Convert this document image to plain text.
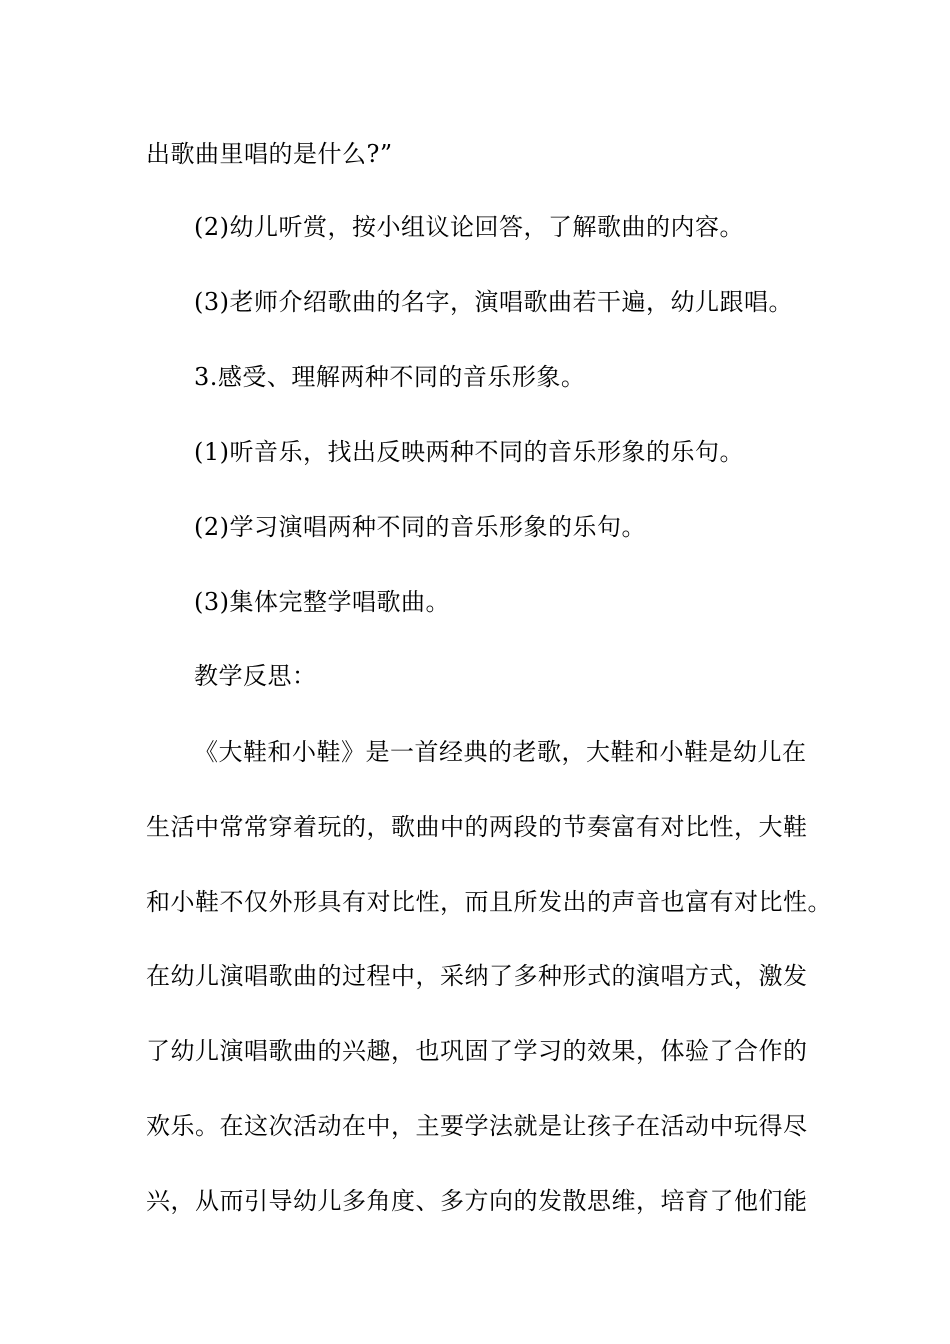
出歌曲里唱的是什么?”
(2)幼儿听赏，按小组议论回答，了解歌曲的内容。
(3)老师介绍歌曲的名字，演唱歌曲若干遍，幼儿跟唱。
3.感受、理解两种不同的音乐形象。
(1)听音乐，找出反映两种不同的音乐形象的乐句。
(2)学习演唱两种不同的音乐形象的乐句。
(3)集体完整学唱歌曲。
教学反思：
《大鞋和小鞋》是一首经典的老歌，大鞋和小鞋是幼儿在
生活中常常穿着玩的，歌曲中的两段的节奏富有对比性，大鞋
和小鞋不仅外形具有对比性，而且所发出的声音也富有对比性。
在幼儿演唱歌曲的过程中，采纳了多种形式的演唱方式，激发
了幼儿演唱歌曲的兴趣，也巩固了学习的效果，体验了合作的
欢乐。在这次活动在中，主要学法就是让孩子在活动中玩得尽
兴，从而引导幼儿多角度、多方向的发散思维，培育了他们能
